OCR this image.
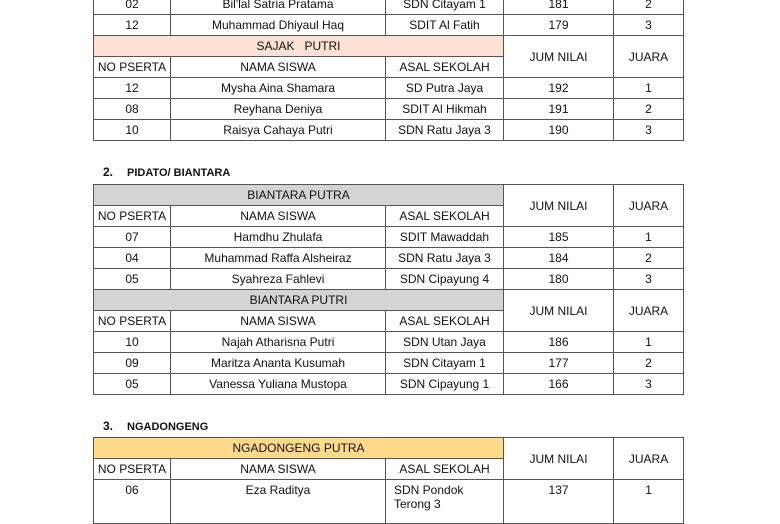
02	Bil'lal Satria Pratama	SDN Citayam 1	181	2
12	Muhammad Dhiyaul Haq	SDIT Al Fatih	179	3
SAJAK   PUTRI			JUM NILAI	JUARA
NO PSERTA	NAMA SISWA	ASAL SEKOLAH		
12	Mysha Aina Shamara	SD Putra Jaya	192	1
08	Reyhana Deniya	SDIT Al Hikmah	191	2
10	Raisya Cahaya Putri	SDN Ratu Jaya 3	190	3
2. PIDATO/ BIANTARA
BIANTARA PUTRA			JUM NILAI	JUARA
NO PSERTA	NAMA SISWA	ASAL SEKOLAH		
07	Hamdhu Zhulafa	SDIT Mawaddah	185	1
04	Muhammad Raffa Alsheiraz	SDN Ratu Jaya 3	184	2
05	Syahreza Fahlevi	SDN Cipayung 4	180	3
BIANTARA PUTRI			JUM NILAI	JUARA
NO PSERTA	NAMA SISWA	ASAL SEKOLAH		
10	Najah Atharisna Putri	SDN Utan Jaya	186	1
09	Maritza Ananta Kusumah	SDN Citayam 1	177	2
05	Vanessa Yuliana Mustopa	SDN Cipayung 1	166	3
3. NGADONGENG
NGADONGENG PUTRA			JUM NILAI	JUARA
NO PSERTA	NAMA SISWA	ASAL SEKOLAH		
06	Eza Raditya	SDN Pondok Terong 3	137	1
